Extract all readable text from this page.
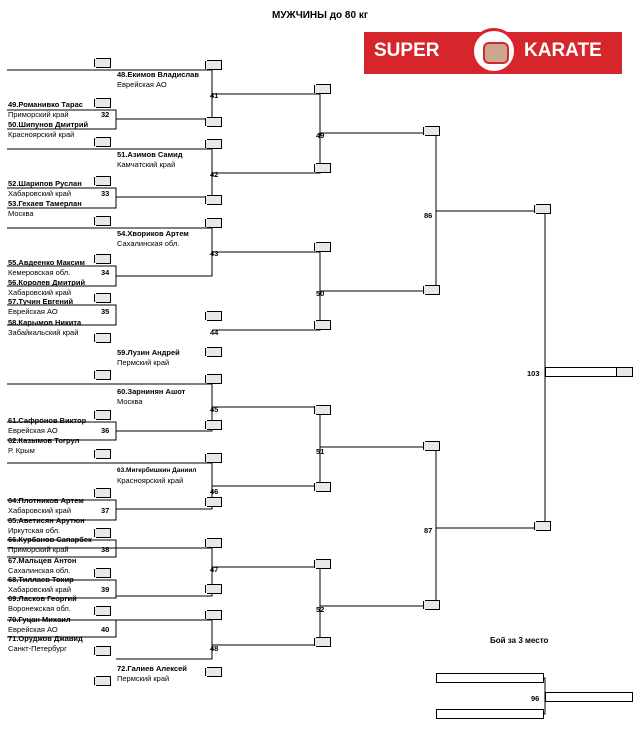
МУЖЧИНЫ до 80 кг
SUPER	KARATE
48.Екимов Владислав
Еврейская АО
49.Романивко Тарас
Приморский край
50.Шипунов Дмитрий
Красноярский край
51.Азимов Самид
Камчатский край
52.Шарипов Руслан
Хабаровский край
53.Гехаев Тамерлан
Москва
54.Хвориков Артем
Сахалинская обл.
55.Авдеенко Максим
Кемеровская обл.
56.Королев Дмитрий
Хабаровский край
57.Тучин Евгений
Еврейская АО
58.Карымов Никита
Забайкальский край
59.Лузин Андрей
Пермский край
60.Зарнинян Ашот
Москва
61.Сафронов Виктор
Еврейская АО
62.Казымов Тогрул
Р. Крым
63.Мигербишкин Даниил
Красноярский край
64.Плотников Артем
Хабаровский край
65.Аветисян Арутюн
Иркутская обл.
66.Курбанов Сапарбек
Приморский край
67.Мальцев Антон
Сахалинская обл.
68.Тиллаев Тохир
Хабаровский край
69.Ласков Георгий
Воронежская обл.
70.Гуцан Михаил
Еврейская АО
71.Оруджов Джавид
Санкт-Петербург
72.Галиев Алексей
Пермский край
32
33
34
35
36
37
38
39
40
41
42
43
44
45
46
47
48
49
50
51
52
86
87
103
96
Бой за 3 место
